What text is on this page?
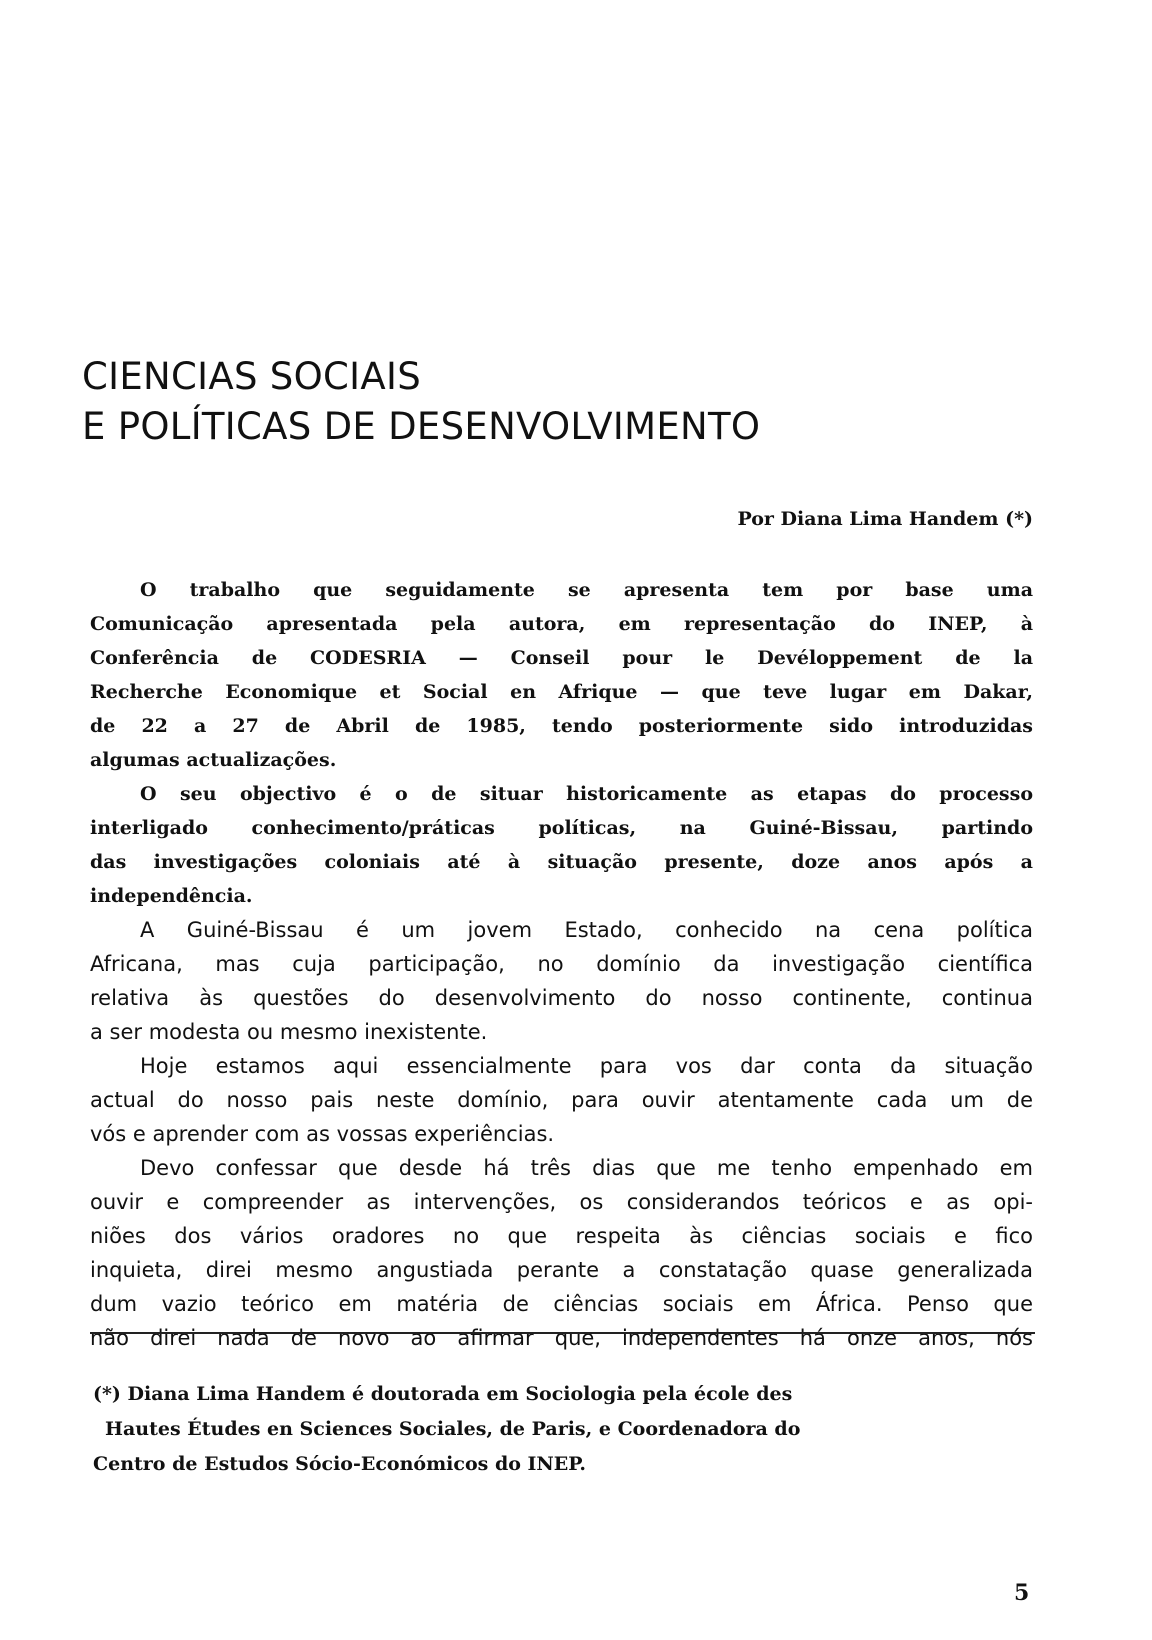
CIENCIAS SOCIAIS
E POLÍTICAS DE DESENVOLVIMENTO
Por Diana Lima Handem (*)
O trabalho que seguidamente se apresenta tem por base uma
Comunicação apresentada pela autora, em representação do INEP, à
Conferência de CODESRIA — Conseil pour le Devéloppement de la
Recherche Economique et Social en Afrique — que teve lugar em Dakar,
de 22 a 27 de Abril de 1985, tendo posteriormente sido introduzidas
algumas actualizações.
O seu objectivo é o de situar historicamente as etapas do processo
interligado conhecimento/práticas políticas, na Guiné-Bissau, partindo
das investigações coloniais até à situação presente, doze anos após a
independência.
A Guiné-Bissau é um jovem Estado, conhecido na cena política
Africana, mas cuja participação, no domínio da investigação científica
relativa às questões do desenvolvimento do nosso continente, continua
a ser modesta ou mesmo inexistente.
Hoje estamos aqui essencialmente para vos dar conta da situação
actual do nosso pais neste domínio, para ouvir atentamente cada um de
vós e aprender com as vossas experiências.
Devo confessar que desde há três dias que me tenho empenhado em
ouvir e compreender as intervenções, os considerandos teóricos e as opi-
niões dos vários oradores no que respeita às ciências sociais e fico
inquieta, direi mesmo angustiada perante a constatação quase generalizada
dum vazio teórico em matéria de ciências sociais em África. Penso que
não direi nada de novo ao afirmar que, independentes há onze anos, nós
(*) Diana Lima Handem é doutorada em Sociologia pela école des
Hautes Études en Sciences Sociales, de Paris, e Coordenadora do
Centro de Estudos Sócio-Económicos do INEP.
5
